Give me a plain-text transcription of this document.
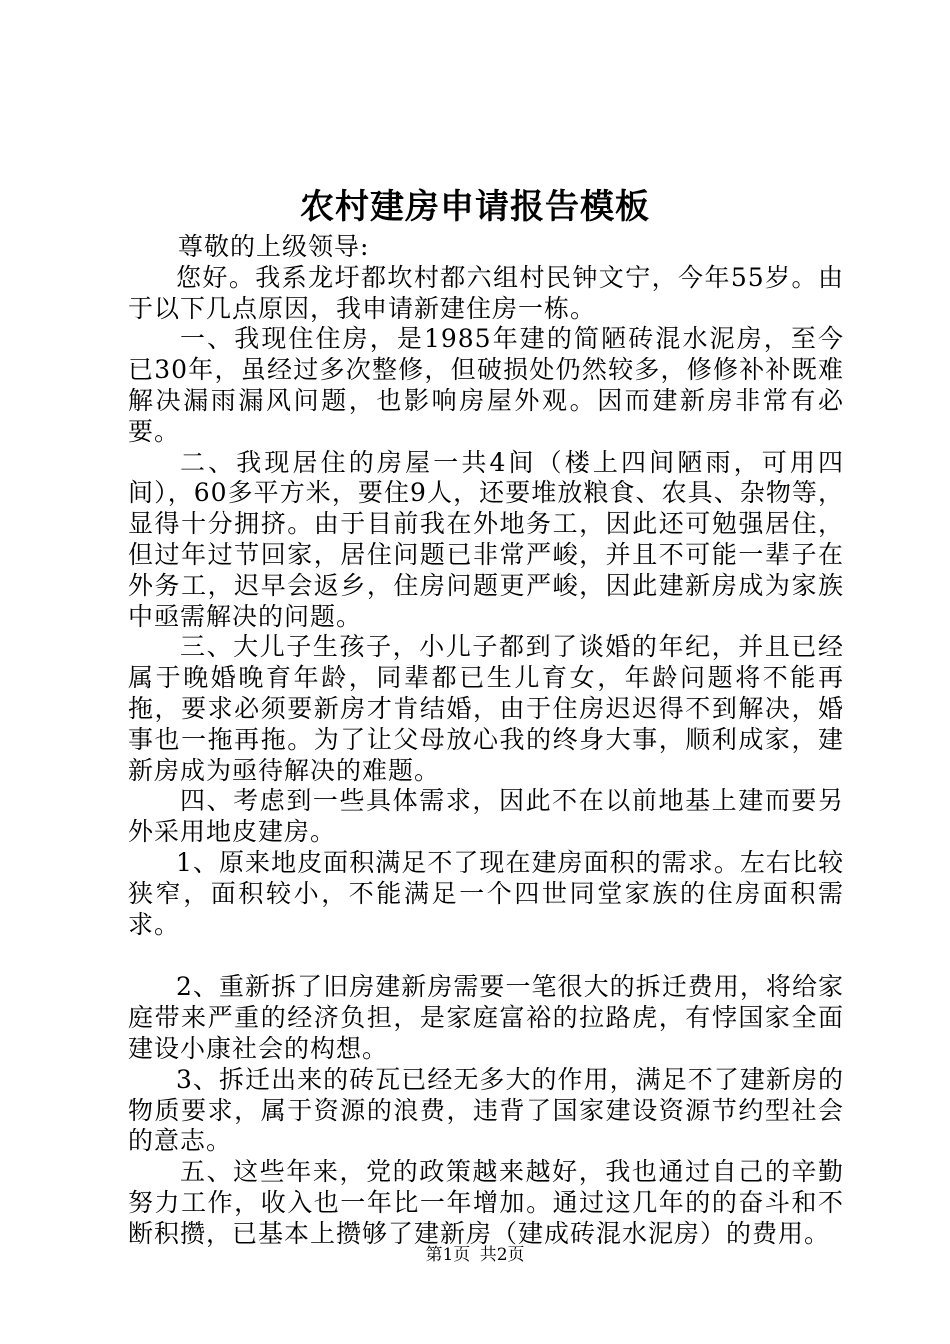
农村建房申请报告模板

尊敬的上级领导:

您好。我系龙圩都坎村都六组村民钟文宁，今年55岁。由于以下几点原因，我申请新建住房一栋。

一、我现住住房，是1985年建的简陋砖混水泥房，至今已30年，虽经过多次整修，但破损处仍然较多，修修补补既难解决漏雨漏风问题，也影响房屋外观。因而建新房非常有必要。

二、我现居住的房屋一共4间（楼上四间陋雨，可用四间），60多平方米，要住9人，还要堆放粮食、农具、杂物等，显得十分拥挤。由于目前我在外地务工，因此还可勉强居住，但过年过节回家，居住问题已非常严峻，并且不可能一辈子在外务工，迟早会返乡，住房问题更严峻，因此建新房成为家族中亟需解决的问题。

三、大儿子生孩子，小儿子都到了谈婚的年纪，并且已经属于晚婚晚育年龄，同辈都已生儿育女，年龄问题将不能再拖，要求必须要新房才肯结婚，由于住房迟迟得不到解决，婚事也一拖再拖。为了让父母放心我的终身大事，顺利成家，建新房成为亟待解决的难题。

四、考虑到一些具体需求，因此不在以前地基上建而要另外采用地皮建房。

1、原来地皮面积满足不了现在建房面积的需求。左右比较狭窄，面积较小，不能满足一个四世同堂家族的住房面积需求。

2、重新拆了旧房建新房需要一笔很大的拆迁费用，将给家庭带来严重的经济负担，是家庭富裕的拉路虎，有悖国家全面建设小康社会的构想。

3、拆迁出来的砖瓦已经无多大的作用，满足不了建新房的物质要求，属于资源的浪费，违背了国家建设资源节约型社会的意志。

五、这些年来，党的政策越来越好，我也通过自己的辛勤努力工作，收入也一年比一年增加。通过这几年的的奋斗和不断积攒，已基本上攒够了建新房（建成砖混水泥房）的费用。

第1页 共2页
